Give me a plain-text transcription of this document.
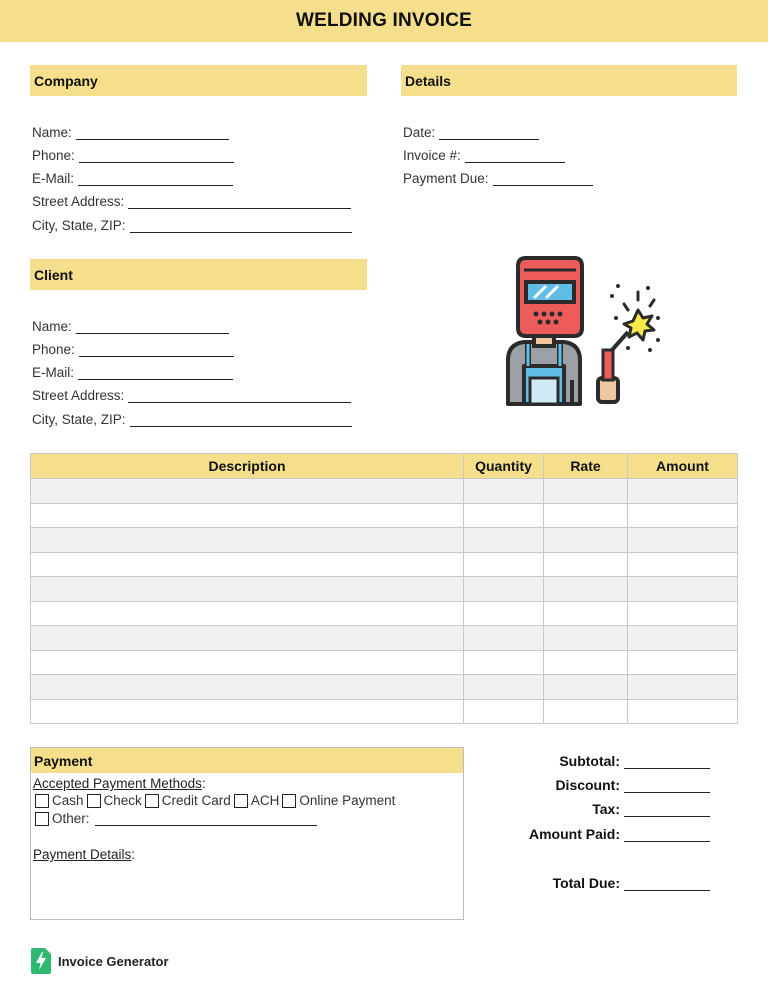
WELDING INVOICE
Company
Name:
Phone:
E-Mail:
Street Address:
City, State, ZIP:
Details
Date:
Invoice #:
Payment Due:
Client
Name:
Phone:
E-Mail:
Street Address:
City, State, ZIP:
Description	Quantity	Rate	Amount

Payment
Accepted Payment Methods:
Cash Check Credit Card ACH Online Payment
Other:
Payment Details:
Subtotal:
Discount:
Tax:
Amount Paid:
Total Due:
Invoice Generator
